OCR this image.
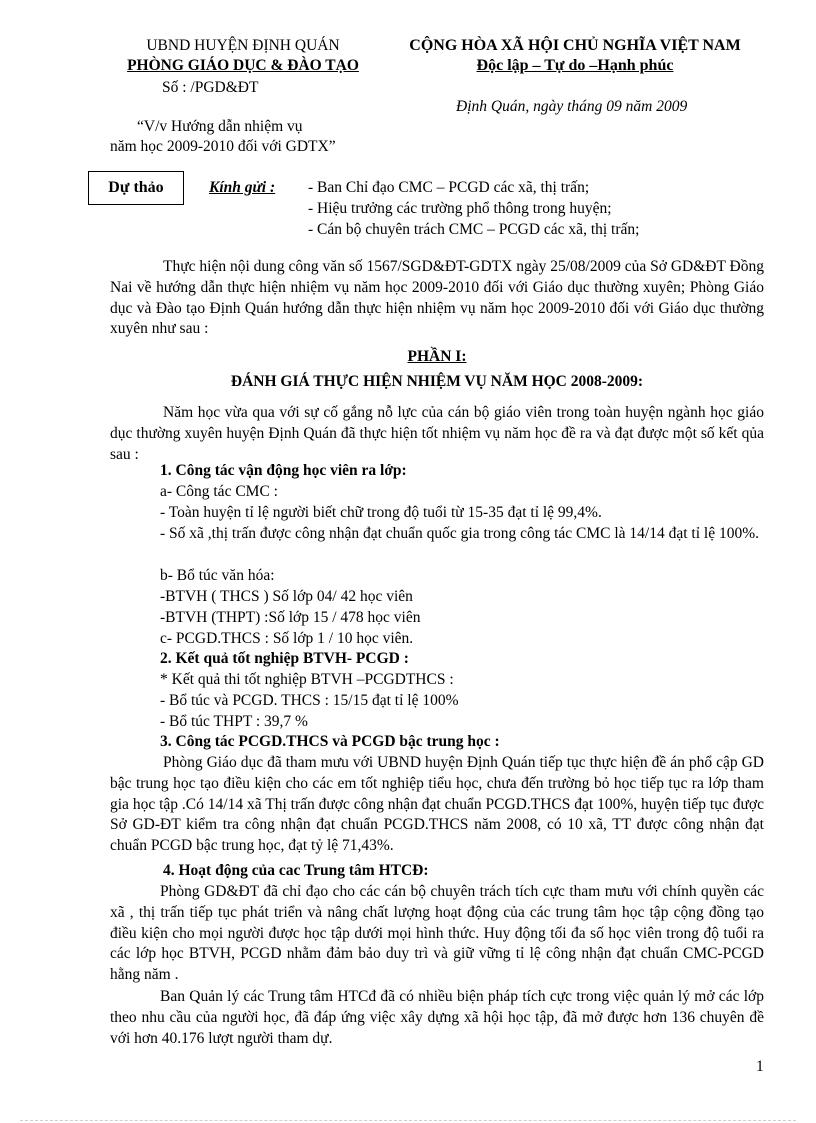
UBND HUYỆN ĐỊNH QUÁN
PHÒNG GIÁO DỤC & ĐÀO TẠO
Số : /PGD&ĐT
CỘNG HÒA XÃ HỘI CHỦ NGHĨA VIỆT NAM
Độc lập – Tự do –Hạnh phúc
Định Quán, ngày tháng 09 năm 2009
“V/v Hướng dẫn nhiệm vụ
năm học 2009-2010 đối với GDTX”
Dự thảo	Kính gửi : - Ban Chỉ đạo CMC – PCGD các xã, thị trấn;
- Hiệu trưởng các trường phổ thông trong huyện;
- Cán bộ chuyên trách CMC – PCGD các xã, thị trấn;
Thực hiện nội dung công văn số 1567/SGD&ĐT-GDTX ngày 25/08/2009 của Sở GD&ĐT Đồng Nai về hướng dẫn thực hiện nhiệm vụ năm học 2009-2010 đối với Giáo dục thường xuyên; Phòng Giáo dục và Đào tạo Định Quán hướng dẫn thực hiện nhiệm vụ năm học 2009-2010 đối với Giáo dục thường xuyên như sau :
PHẦN I:
ĐÁNH GIÁ THỰC HIỆN NHIỆM VỤ NĂM HỌC 2008-2009:
Năm học vừa qua với sự cố gắng nỗ lực của cán bộ giáo viên trong toàn huyện ngành học giáo dục thường xuyên huyện Định Quán đã thực hiện tốt nhiệm vụ năm học đề ra và đạt được một số kết qủa sau :
1. Công tác vận động học viên ra lớp:
a- Công tác CMC :
- Toàn huyện tỉ lệ người biết chữ trong độ tuổi từ 15-35 đạt tỉ lệ 99,4%.
- Số xã ,thị trấn được công nhận đạt chuẩn quốc gia trong công tác CMC là 14/14 đạt tỉ lệ 100%.
b- Bổ túc văn hóa:
-BTVH ( THCS ) Số lớp 04/ 42 học viên
-BTVH (THPT) :Số lớp 15 / 478 học viên
c- PCGD.THCS : Số lớp 1 / 10 học viên.
2. Kết quả tốt nghiệp BTVH- PCGD :
* Kết quả thi tốt nghiệp BTVH –PCGDTHCS :
- Bổ túc và PCGD. THCS : 15/15 đạt tỉ lệ 100%
- Bổ túc THPT : 39,7 %
3. Công tác PCGD.THCS và PCGD bậc trung học :
Phòng Giáo dục đã tham mưu với UBND huyện Định Quán tiếp tục thực hiện đề án phổ cập GD bậc trung học tạo điều kiện cho các em tốt nghiệp tiểu học, chưa đến trường bỏ học tiếp tục ra lớp tham gia học tập .Có 14/14 xã Thị trấn được công nhận đạt chuẩn PCGD.THCS đạt 100%, huyện tiếp tục được Sở GD-ĐT kiểm tra công nhận đạt chuẩn PCGD.THCS năm 2008, có 10 xã, TT được công nhận đạt chuẩn PCGD bậc trung học, đạt tỷ lệ 71,43%.
4. Hoạt động của cac Trung tâm HTCĐ:
Phòng GD&ĐT đã chỉ đạo cho các cán bộ chuyên trách tích cực tham mưu với chính quyền các xã , thị trấn tiếp tục phát triển và nâng chất lượng hoạt động của các trung tâm học tập cộng đồng tạo điều kiện cho mọi người được học tập dưới mọi hình thức. Huy động tối đa số học viên trong độ tuổi ra các lớp học BTVH, PCGD nhằm đảm bảo duy trì và giữ vững tỉ lệ công nhận đạt chuẩn CMC-PCGD hằng năm .
Ban Quản lý các Trung tâm HTCđ đã có nhiều biện pháp tích cực trong việc quản lý mở các lớp theo nhu cầu của người học, đã đáp ứng việc xây dựng xã hội học tập, đã mở được hơn 136 chuyên đề với hơn 40.176 lượt người tham dự.
1
